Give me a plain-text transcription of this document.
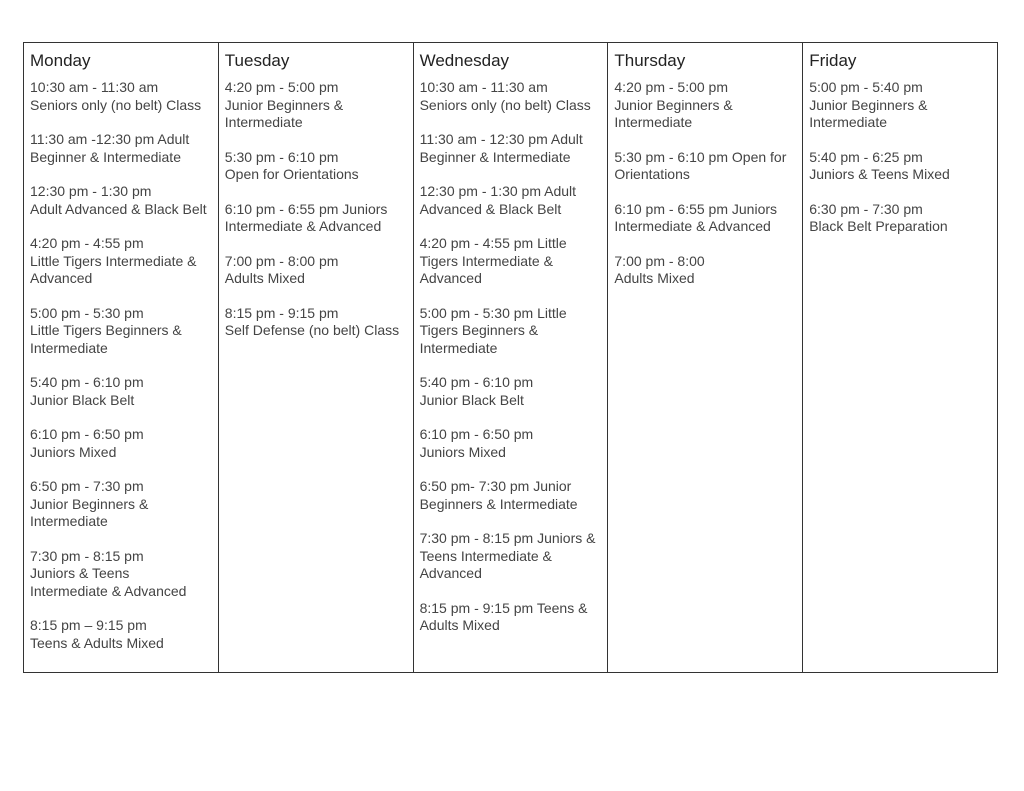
Monday
10:30 am - 11:30 am
Seniors only (no belt) Class
11:30 am -12:30 pm Adult
Beginner & Intermediate
12:30 pm - 1:30 pm
Adult Advanced & Black Belt
4:20 pm - 4:55 pm
Little Tigers Intermediate &
Advanced
5:00 pm - 5:30 pm
Little Tigers Beginners &
Intermediate
5:40 pm - 6:10 pm
Junior Black Belt
6:10 pm - 6:50 pm
Juniors Mixed
6:50 pm - 7:30 pm
Junior Beginners &
Intermediate
7:30 pm - 8:15 pm
Juniors & Teens
Intermediate & Advanced
8:15 pm – 9:15 pm
Teens & Adults Mixed
Tuesday
4:20 pm - 5:00 pm
Junior Beginners &
Intermediate
5:30 pm - 6:10 pm
Open for Orientations
6:10 pm - 6:55 pm Juniors
Intermediate & Advanced
7:00 pm - 8:00 pm
Adults Mixed
8:15 pm - 9:15 pm
Self Defense (no belt) Class
Wednesday
10:30 am - 11:30 am
Seniors only (no belt) Class
11:30 am - 12:30 pm Adult
Beginner & Intermediate
12:30 pm - 1:30 pm Adult
Advanced & Black Belt
4:20 pm - 4:55 pm Little
Tigers Intermediate &
Advanced
5:00 pm - 5:30 pm Little
Tigers Beginners &
Intermediate
5:40 pm - 6:10 pm
Junior Black Belt
6:10 pm - 6:50 pm
Juniors Mixed
6:50 pm- 7:30 pm Junior
Beginners & Intermediate
7:30 pm - 8:15 pm Juniors &
Teens Intermediate &
Advanced
8:15 pm - 9:15 pm Teens &
Adults Mixed
Thursday
4:20 pm - 5:00 pm
Junior Beginners &
Intermediate
5:30 pm - 6:10 pm Open for
Orientations
6:10 pm - 6:55 pm Juniors
Intermediate & Advanced
7:00 pm - 8:00
Adults Mixed
Friday
5:00 pm - 5:40 pm
Junior Beginners &
Intermediate
5:40 pm - 6:25 pm
Juniors & Teens Mixed
6:30 pm - 7:30 pm
Black Belt Preparation
